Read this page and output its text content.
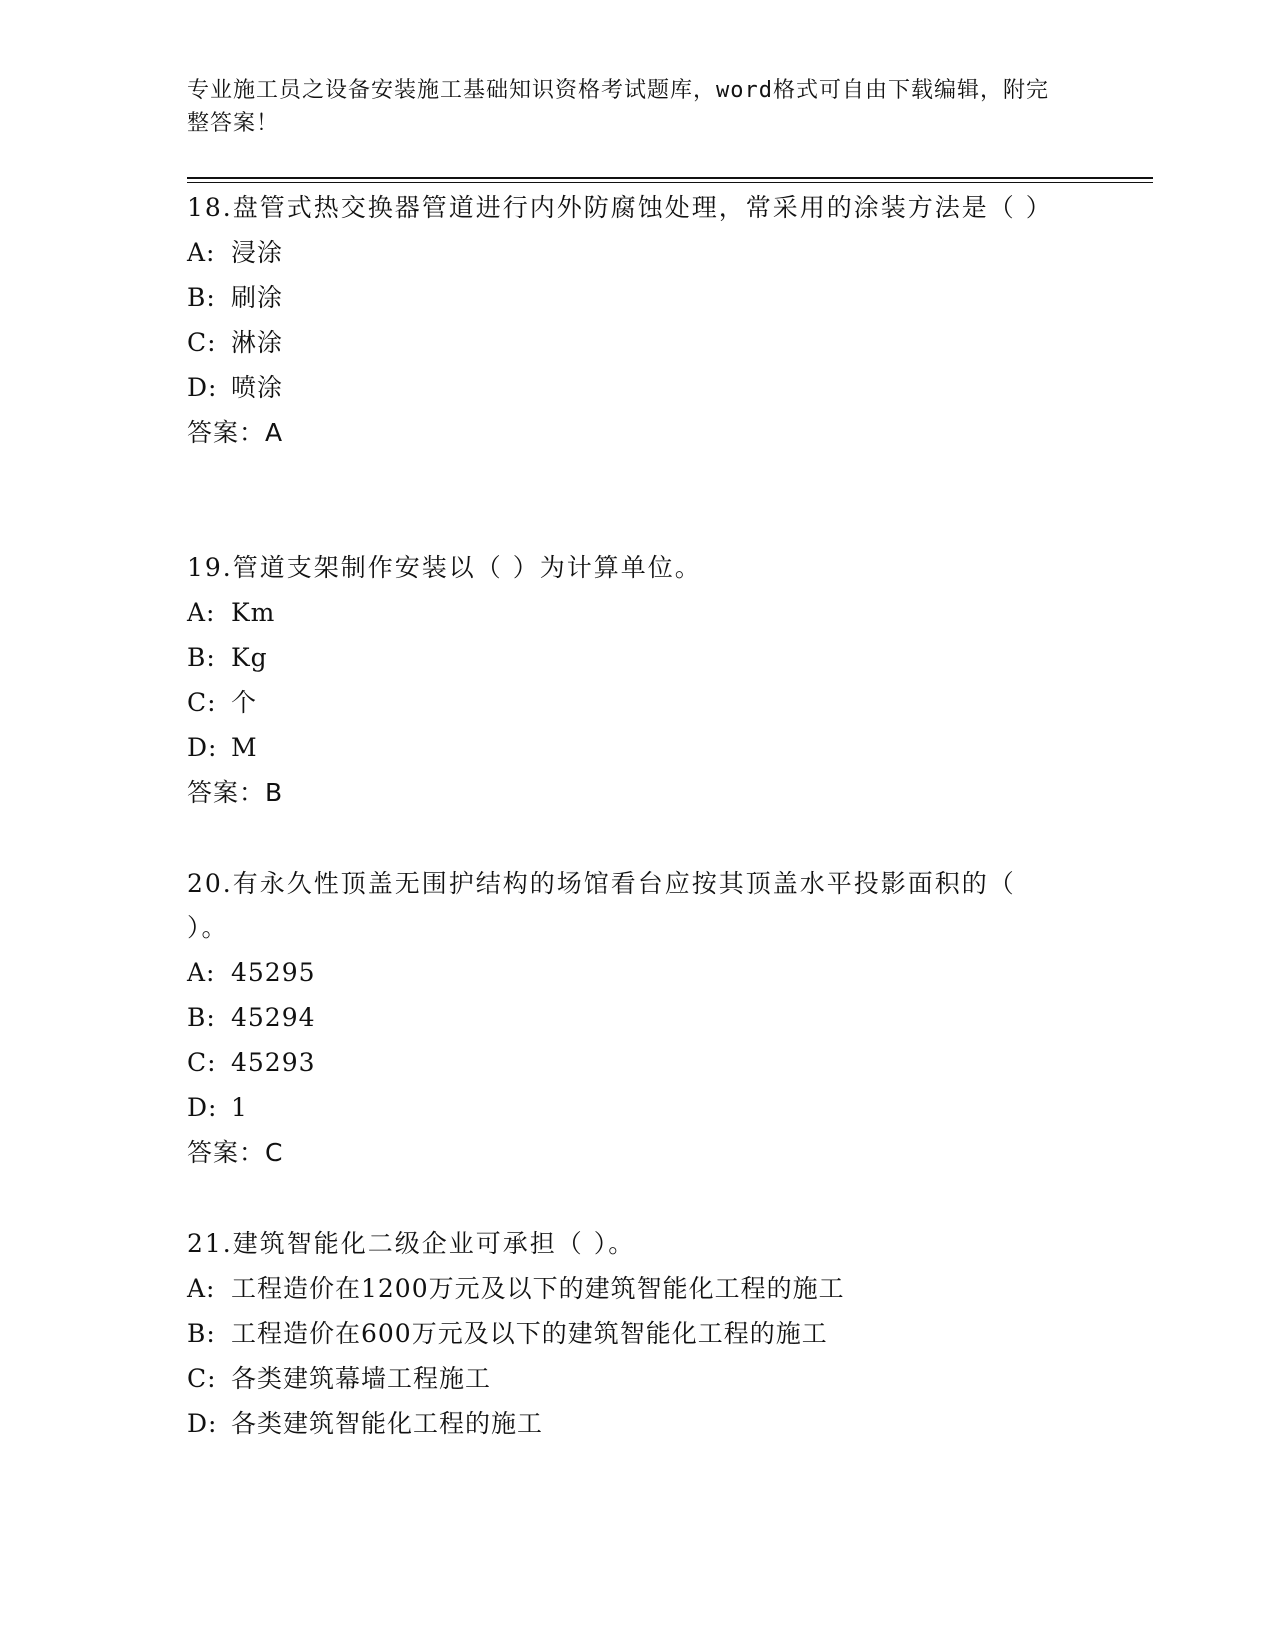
专业施工员之设备安装施工基础知识资格考试题库，word格式可自由下载编辑，附完整答案！

18.盘管式热交换器管道进行内外防腐蚀处理，常采用的涂装方法是（ ）

A: 浸涂

B: 刷涂

C: 淋涂

D: 喷涂

答案：A

19.管道支架制作安装以（ ）为计算单位。

A: Km

B: Kg

C: 个

D: M

答案：B

20.有永久性顶盖无围护结构的场馆看台应按其顶盖水平投影面积的（ ）。

A: 45295

B: 45294

C: 45293

D: 1

答案：C

21.建筑智能化二级企业可承担（ ）。

A: 工程造价在1200万元及以下的建筑智能化工程的施工

B: 工程造价在600万元及以下的建筑智能化工程的施工

C: 各类建筑幕墙工程施工

D: 各类建筑智能化工程的施工
